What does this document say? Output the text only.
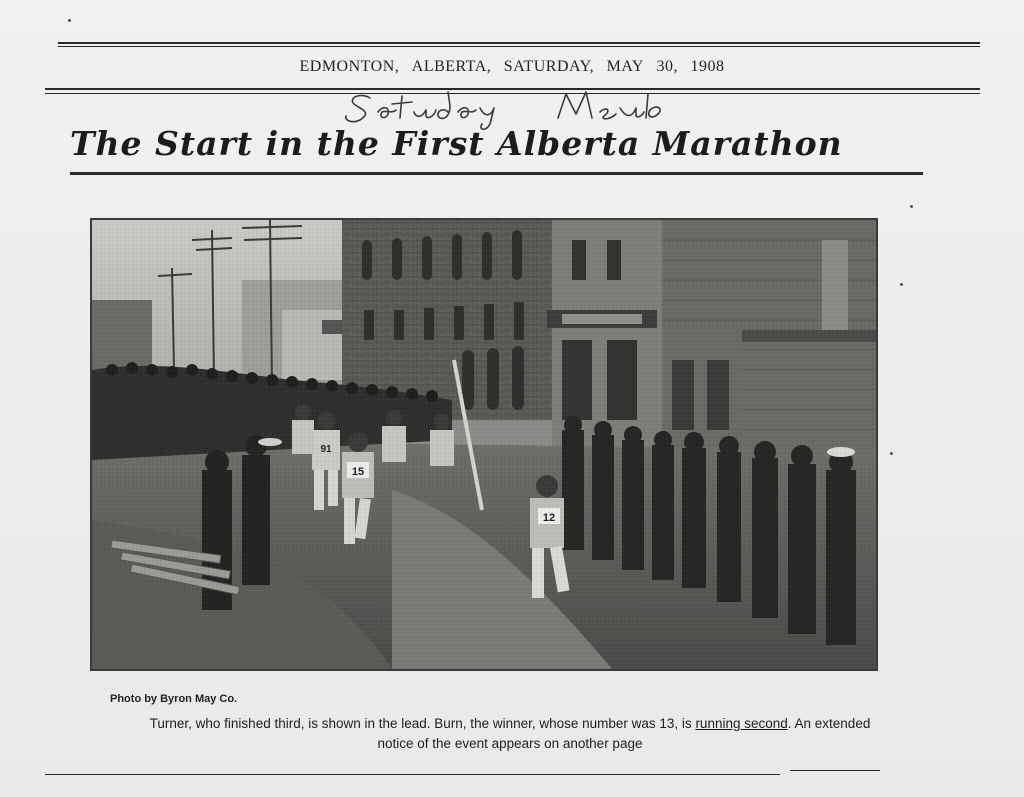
EDMONTON, ALBERTA, SATURDAY, MAY 30, 1908
The Start in the First Alberta Marathon
Photo by Byron May Co.
Turner, who finished third, is shown in the lead. Burn, the winner, whose number was 13, is running second. An extended
notice of the event appears on another page
